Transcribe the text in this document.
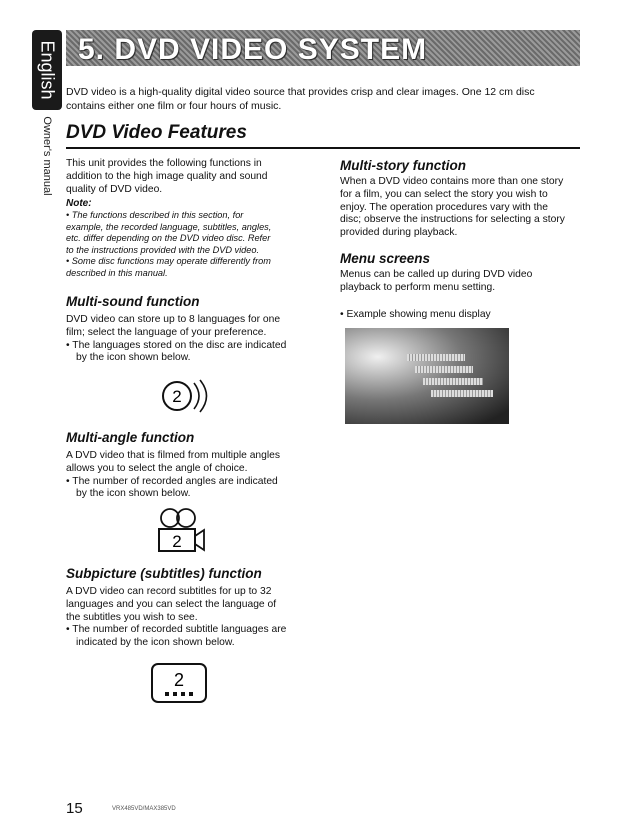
English
Owner's manual
5. DVD VIDEO SYSTEM
DVD video is a high-quality digital video source that provides crisp and clear images. One 12 cm disc
contains either one film or four hours of music.
DVD Video Features
This unit provides the following functions in
addition to the high image quality and sound
quality of DVD video.
Note:
• The functions described in this section, for
example, the recorded language, subtitles, angles,
etc. differ depending on the DVD video disc. Refer
to the instructions provided with the DVD video.
• Some disc functions may operate differently from
described in this manual.
Multi-sound function
DVD video can store up to 8 languages for one
film; select the language of your preference.
• The languages stored on the disc are indicated
by the icon shown below.
2
Multi-angle function
A DVD video that is filmed from multiple angles
allows you to select the angle of choice.
• The number of recorded angles are indicated
by the icon shown below.
2
Subpicture (subtitles) function
A DVD video can record subtitles for up to 32
languages and you can select the language of
the subtitles you wish to see.
• The number of recorded subtitle languages are
indicated by the icon shown below.
2
Multi-story function
When a DVD video contains more than one story
for a film, you can select the story you wish to
enjoy. The operation procedures vary with the
disc; observe the instructions for selecting a story
provided during playback.
Menu screens
Menus can be called up during DVD video
playback to perform menu setting.
• Example showing menu display
15	VRX485VD/MAX385VD
